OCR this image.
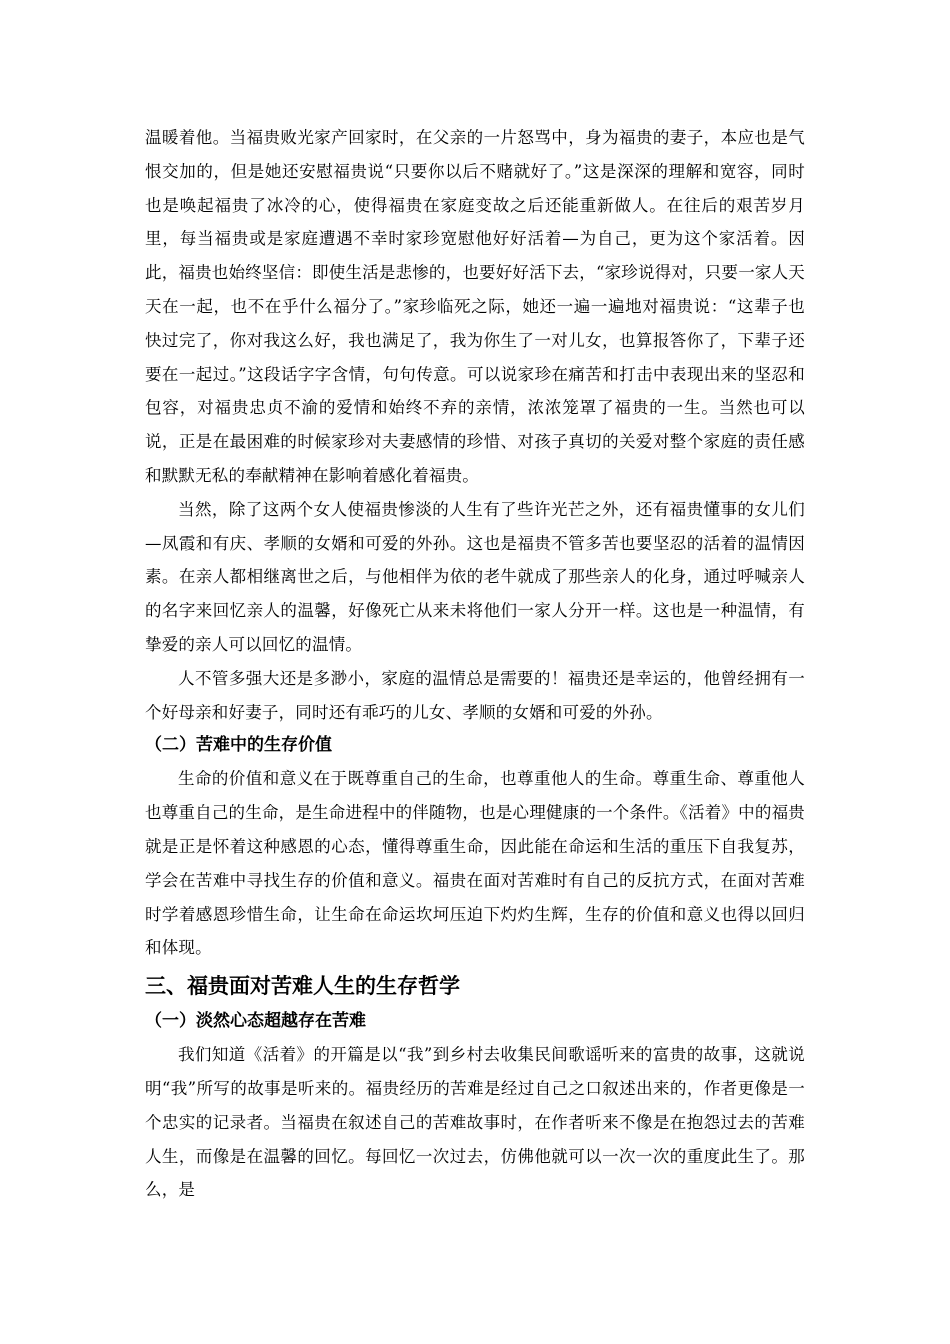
温暖着他。当福贵败光家产回家时，在父亲的一片怒骂中，身为福贵的妻子，本应也是气恨交加的，但是她还安慰福贵说“只要你以后不赌就好了。”这是深深的理解和宽容，同时也是唤起福贵了冰冷的心，使得福贵在家庭变故之后还能重新做人。在往后的艰苦岁月里，每当福贵或是家庭遭遇不幸时家珍宽慰他好好活着—为自己，更为这个家活着。因此，福贵也始终坚信：即使生活是悲惨的，也要好好活下去，“家珍说得对，只要一家人天天在一起，也不在乎什么福分了。”家珍临死之际，她还一遍一遍地对福贵说：“这辈子也快过完了，你对我这么好，我也满足了，我为你生了一对儿女，也算报答你了，下辈子还要在一起过。”这段话字字含情，句句传意。可以说家珍在痛苦和打击中表现出来的坚忍和包容，对福贵忠贞不渝的爱情和始终不弃的亲情，浓浓笼罩了福贵的一生。当然也可以说，正是在最困难的时候家珍对夫妻感情的珍惜、对孩子真切的关爱对整个家庭的责任感和默默无私的奉献精神在影响着感化着福贵。

当然，除了这两个女人使福贵惨淡的人生有了些许光芒之外，还有福贵懂事的女儿们—凤霞和有庆、孝顺的女婿和可爱的外孙。这也是福贵不管多苦也要坚忍的活着的温情因素。在亲人都相继离世之后，与他相伴为依的老牛就成了那些亲人的化身，通过呼喊亲人的名字来回忆亲人的温馨，好像死亡从来未将他们一家人分开一样。这也是一种温情，有挚爱的亲人可以回忆的温情。

人不管多强大还是多渺小，家庭的温情总是需要的！福贵还是幸运的，他曾经拥有一个好母亲和好妻子，同时还有乖巧的儿女、孝顺的女婿和可爱的外孙。

（二）苦难中的生存价值

生命的价值和意义在于既尊重自己的生命，也尊重他人的生命。尊重生命、尊重他人也尊重自己的生命，是生命进程中的伴随物，也是心理健康的一个条件。《活着》中的福贵就是正是怀着这种感恩的心态，懂得尊重生命，因此能在命运和生活的重压下自我复苏，学会在苦难中寻找生存的价值和意义。福贵在面对苦难时有自己的反抗方式，在面对苦难时学着感恩珍惜生命，让生命在命运坎坷压迫下灼灼生辉，生存的价值和意义也得以回归和体现。

三、福贵面对苦难人生的生存哲学

（一）淡然心态超越存在苦难

我们知道《活着》的开篇是以“我”到乡村去收集民间歌谣听来的富贵的故事，这就说明“我”所写的故事是听来的。福贵经历的苦难是经过自己之口叙述出来的，作者更像是一个忠实的记录者。当福贵在叙述自己的苦难故事时，在作者听来不像是在抱怨过去的苦难人生，而像是在温馨的回忆。每回忆一次过去，仿佛他就可以一次一次的重度此生了。那么，是
